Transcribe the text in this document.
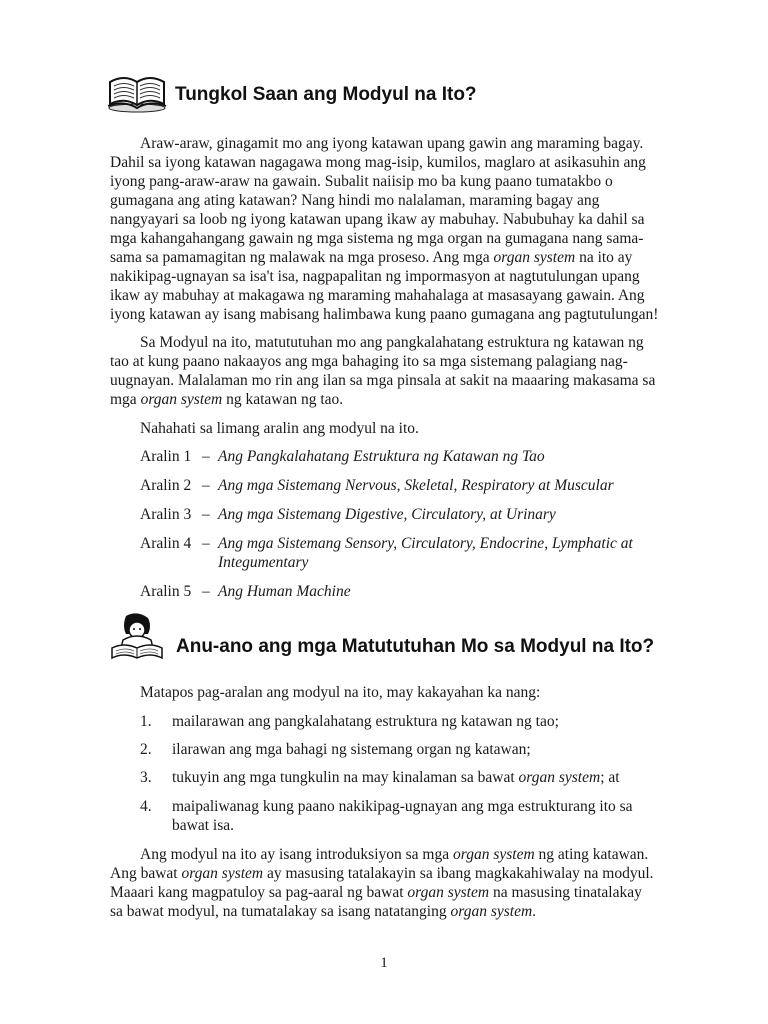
Tungkol Saan ang Modyul na Ito?
Araw-araw, ginagamit mo ang iyong katawan upang gawin ang maraming bagay.
Dahil sa iyong katawan nagagawa mong mag-isip, kumilos, maglaro at asikasuhin ang
iyong pang-araw-araw na gawain. Subalit naiisip mo ba kung paano tumatakbo o
gumagana ang ating katawan? Nang hindi mo nalalaman, maraming bagay ang
nangyayari sa loob ng iyong katawan upang ikaw ay mabuhay. Nabubuhay ka dahil sa
mga kahangahangang gawain ng mga sistema ng mga organ na gumagana nang sama-
sama sa pamamagitan ng malawak na mga proseso. Ang mga organ system na ito ay
nakikipag-ugnayan sa isa't isa, nagpapalitan ng impormasyon at nagtutulungan upang
ikaw ay mabuhay at makagawa ng maraming mahahalaga at masasayang gawain. Ang
iyong katawan ay isang mabisang halimbawa kung paano gumagana ang pagtutulungan!
Sa Modyul na ito, matututuhan mo ang pangkalahatang estruktura ng katawan ng
tao at kung paano nakaayos ang mga bahaging ito sa mga sistemang palagiang nag-
uugnayan. Malalaman mo rin ang ilan sa mga pinsala at sakit na maaaring makasama sa
mga organ system ng katawan ng tao.
Nahahati sa limang aralin ang modyul na ito.
Aralin 1 – Ang Pangkalahatang Estruktura ng Katawan ng Tao
Aralin 2 – Ang mga Sistemang Nervous, Skeletal, Respiratory at Muscular
Aralin 3 – Ang mga Sistemang Digestive, Circulatory, at Urinary
Aralin 4 – Ang mga Sistemang Sensory, Circulatory, Endocrine, Lymphatic at
Integumentary
Aralin 5 – Ang Human Machine
Anu-ano ang mga Matututuhan Mo sa Modyul na Ito?
Matapos pag-aralan ang modyul na ito, may kakayahan ka nang:
1. mailarawan ang pangkalahatang estruktura ng katawan ng tao;
2. ilarawan ang mga bahagi ng sistemang organ ng katawan;
3. tukuyin ang mga tungkulin na may kinalaman sa bawat organ system; at
4. maipaliwanag kung paano nakikipag-ugnayan ang mga estrukturang ito sa
bawat isa.
Ang modyul na ito ay isang introduksiyon sa mga organ system ng ating katawan.
Ang bawat organ system ay masusing tatalakayin sa ibang magkakahiwalay na modyul.
Maaari kang magpatuloy sa pag-aaral ng bawat organ system na masusing tinatalakay
sa bawat modyul, na tumatalakay sa isang natatanging organ system.
1
